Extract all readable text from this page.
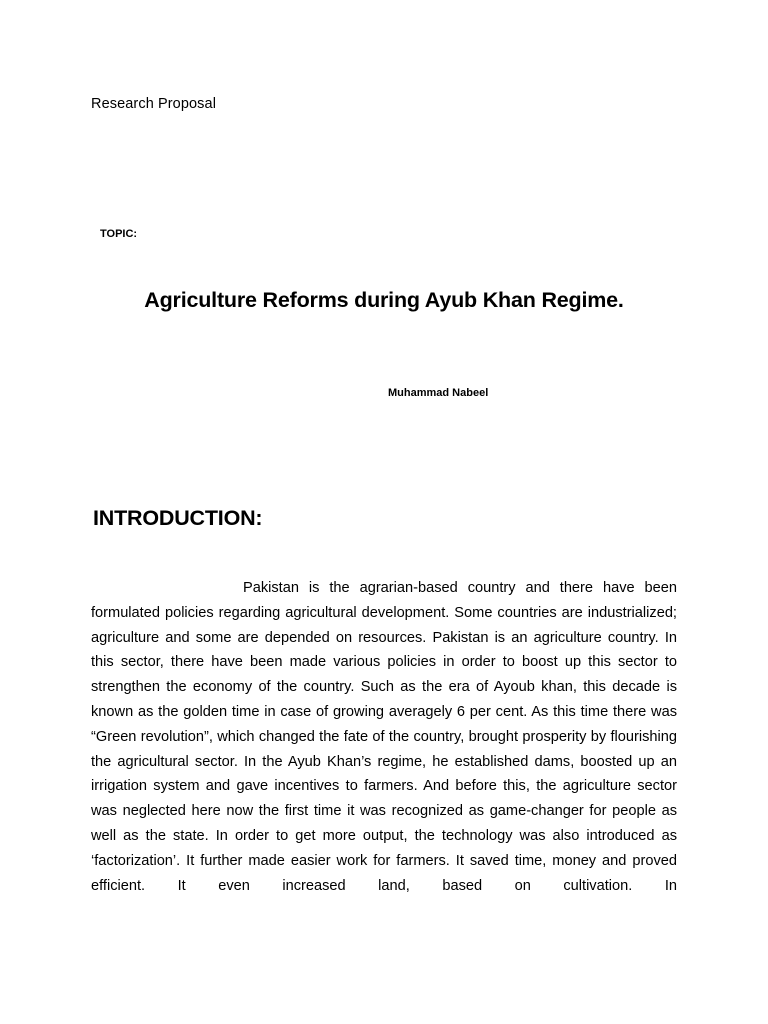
Research Proposal
TOPIC:
Agriculture Reforms during Ayub Khan Regime.
Muhammad Nabeel
INTRODUCTION:

Pakistan is the agrarian-based country and there have been formulated policies regarding agricultural development. Some countries are industrialized; agriculture and some are depended on resources. Pakistan is an agriculture country. In this sector, there have been made various policies in order to boost up this sector to strengthen the economy of the country. Such as the era of Ayoub khan, this decade is known as the golden time in case of growing averagely 6 per cent. As this time there was “Green revolution”, which changed the fate of the country, brought prosperity by flourishing the agricultural sector. In the Ayub Khan’s regime, he established dams, boosted up an irrigation system and gave incentives to farmers. And before this, the agriculture sector was neglected here now the first time it was recognized as game-changer for people as well as the state. In order to get more output, the technology was also introduced as ‘factorization’. It further made easier work for farmers. It saved time, money and proved efficient. It even increased land, based on cultivation. In
